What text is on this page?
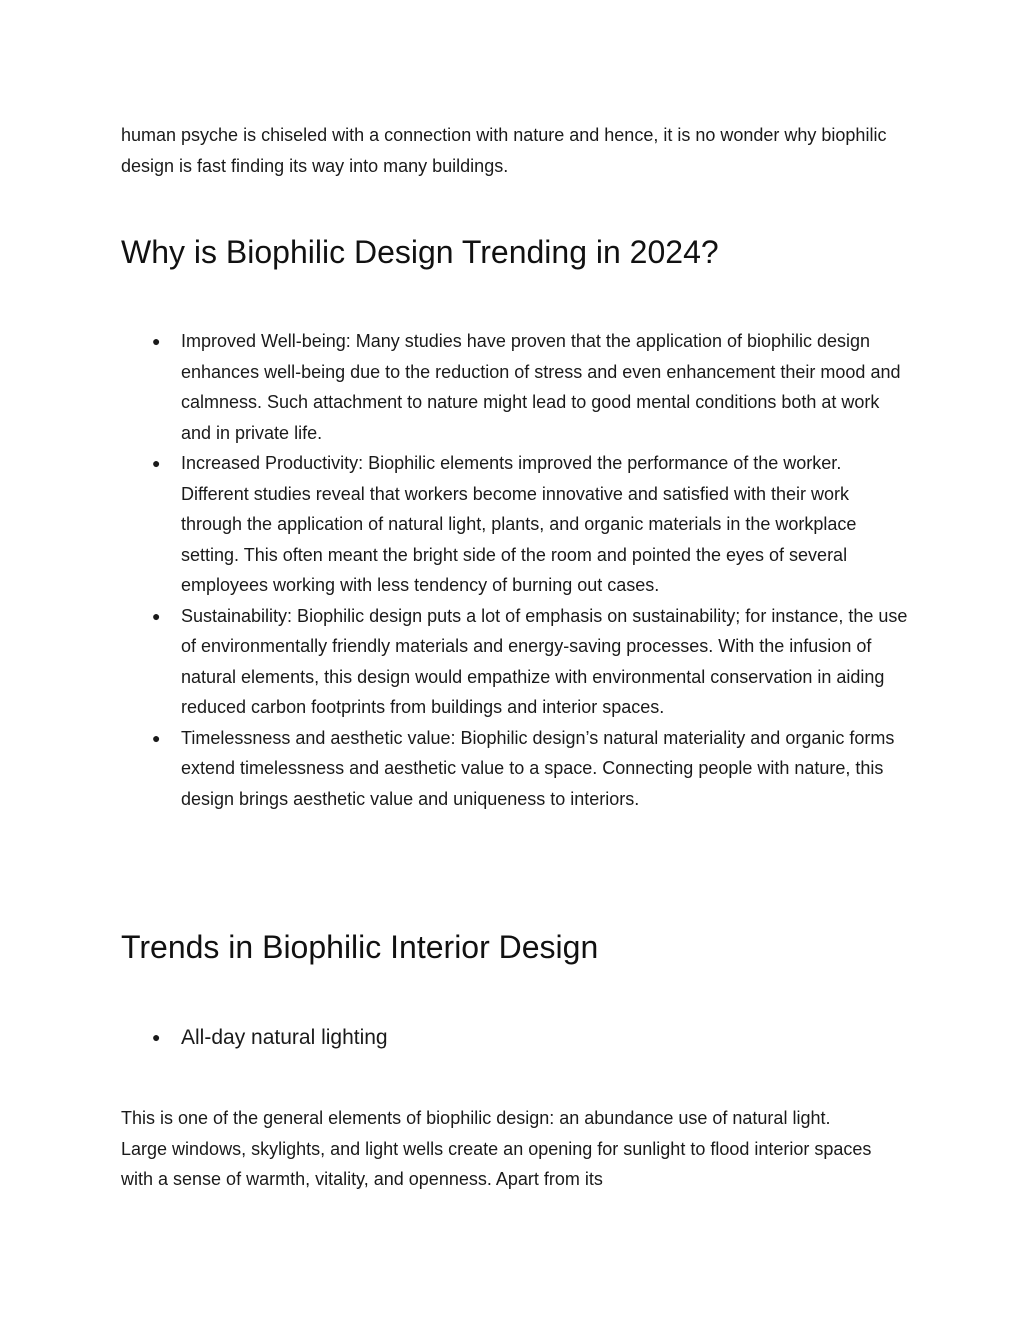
human psyche is chiseled with a connection with nature and hence, it is no wonder why biophilic design is fast finding its way into many buildings.

Why is Biophilic Design Trending in 2024?
● Improved Well-being: Many studies have proven that the application of biophilic design enhances well-being due to the reduction of stress and even enhancement their mood and calmness. Such attachment to nature might lead to good mental conditions both at work and in private life.
● Increased Productivity: Biophilic elements improved the performance of the worker. Different studies reveal that workers become innovative and satisfied with their work through the application of natural light, plants, and organic materials in the workplace setting. This often meant the bright side of the room and pointed the eyes of several employees working with less tendency of burning out cases.
● Sustainability: Biophilic design puts a lot of emphasis on sustainability; for instance, the use of environmentally friendly materials and energy-saving processes. With the infusion of natural elements, this design would empathize with environmental conservation in aiding reduced carbon footprints from buildings and interior spaces.
● Timelessness and aesthetic value: Biophilic design’s natural materiality and organic forms extend timelessness and aesthetic value to a space. Connecting people with nature, this design brings aesthetic value and uniqueness to interiors.
Trends in Biophilic Interior Design
● All-day natural lighting

This is one of the general elements of biophilic design: an abundance use of natural light. Large windows, skylights, and light wells create an opening for sunlight to flood interior spaces with a sense of warmth, vitality, and openness. Apart from its
